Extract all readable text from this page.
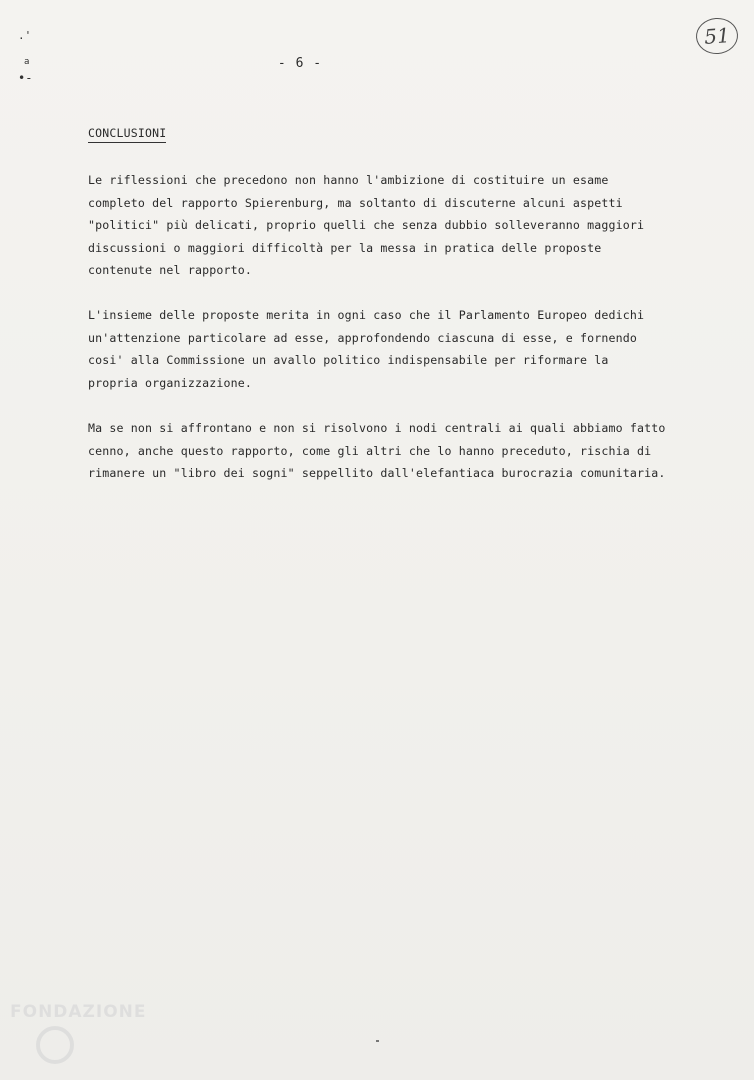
.'
a
•-
- 6 -
51
CONCLUSIONI

Le riflessioni che precedono non hanno l'ambizione di costituire un esame
completo del rapporto Spierenburg, ma soltanto di discuterne alcuni aspetti
"politici" più delicati, proprio quelli che senza dubbio solleveranno maggiori
discussioni o maggiori difficoltà per la messa in pratica delle proposte
contenute nel rapporto.

L'insieme delle proposte merita in ogni caso che il Parlamento Europeo dedichi
un'attenzione particolare ad esse, approfondendo ciascuna di esse, e fornendo
cosi' alla Commissione un avallo politico indispensabile per riformare la
propria organizzazione.

Ma se non si affrontano e non si risolvono i nodi centrali ai quali abbiamo fatto
cenno, anche questo rapporto, come gli altri che lo hanno preceduto, rischia di
rimanere un "libro dei sogni" seppellito dall'elefantiaca burocrazia comunitaria.

FONDAZIONE
